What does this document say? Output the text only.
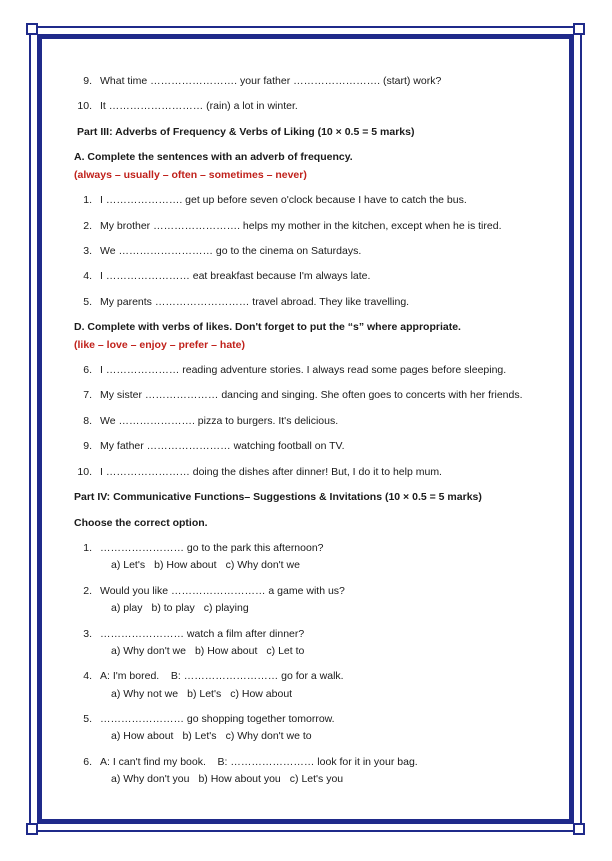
9. What time ……………………. your father ……………………. (start) work?
10. It ……………………… (rain) a lot in winter.
Part III: Adverbs of Frequency & Verbs of Liking (10 × 0.5 = 5 marks)
A. Complete the sentences with an adverb of frequency.
(always – usually – often – sometimes – never)
1. I …………………. get up before seven o'clock because I have to catch the bus.
2. My brother ……………………. helps my mother in the kitchen, except when he is tired.
3. We ……………………… go to the cinema on Saturdays.
4. I …………………… eat breakfast because I'm always late.
5. My parents ……………………… travel abroad. They like travelling.
D. Complete with verbs of likes. Don't forget to put the “s” where appropriate.
(like – love – enjoy – prefer – hate)
6. I ………………… reading adventure stories. I always read some pages before sleeping.
7. My sister ………………… dancing and singing. She often goes to concerts with her friends.
8. We …………………. pizza to burgers. It's delicious.
9. My father …………………… watching football on TV.
10. I …………………… doing the dishes after dinner! But, I do it to help mum.
Part IV: Communicative Functions– Suggestions & Invitations (10 × 0.5 = 5 marks)
Choose the correct option.
1. …………………… go to the park this afternoon?
a) Let's b) How about c) Why don't we
2. Would you like ……………………… a game with us?
a) play b) to play c) playing
3. …………………… watch a film after dinner?
a) Why don't we b) How about c) Let to
4. A: I'm bored.    B: ……………………… go for a walk.
a) Why not we b) Let's c) How about
5. …………………… go shopping together tomorrow.
a) How about b) Let's c) Why don't we to
6. A: I can't find my book.    B: …………………… look for it in your bag.
a) Why don't you b) How about you c) Let's you
